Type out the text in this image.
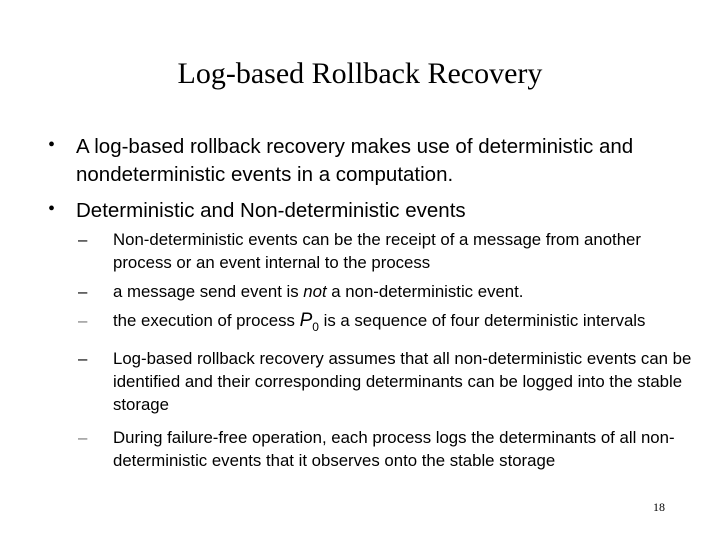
Log-based Rollback Recovery
• A log-based rollback recovery makes use of deterministic and nondeterministic events in a computation.
• Deterministic and Non-deterministic events
– Non-deterministic events can be the receipt of a message from another process or an event internal to the process
– a message send event is not a non-deterministic event.
– the execution of process $P_0$ is a sequence of four deterministic intervals
– Log-based rollback recovery assumes that all non-deterministic events can be identified and their corresponding determinants can be logged into the stable storage
– During failure-free operation, each process logs the determinants of all non-deterministic events that it observes onto the stable storage
18
